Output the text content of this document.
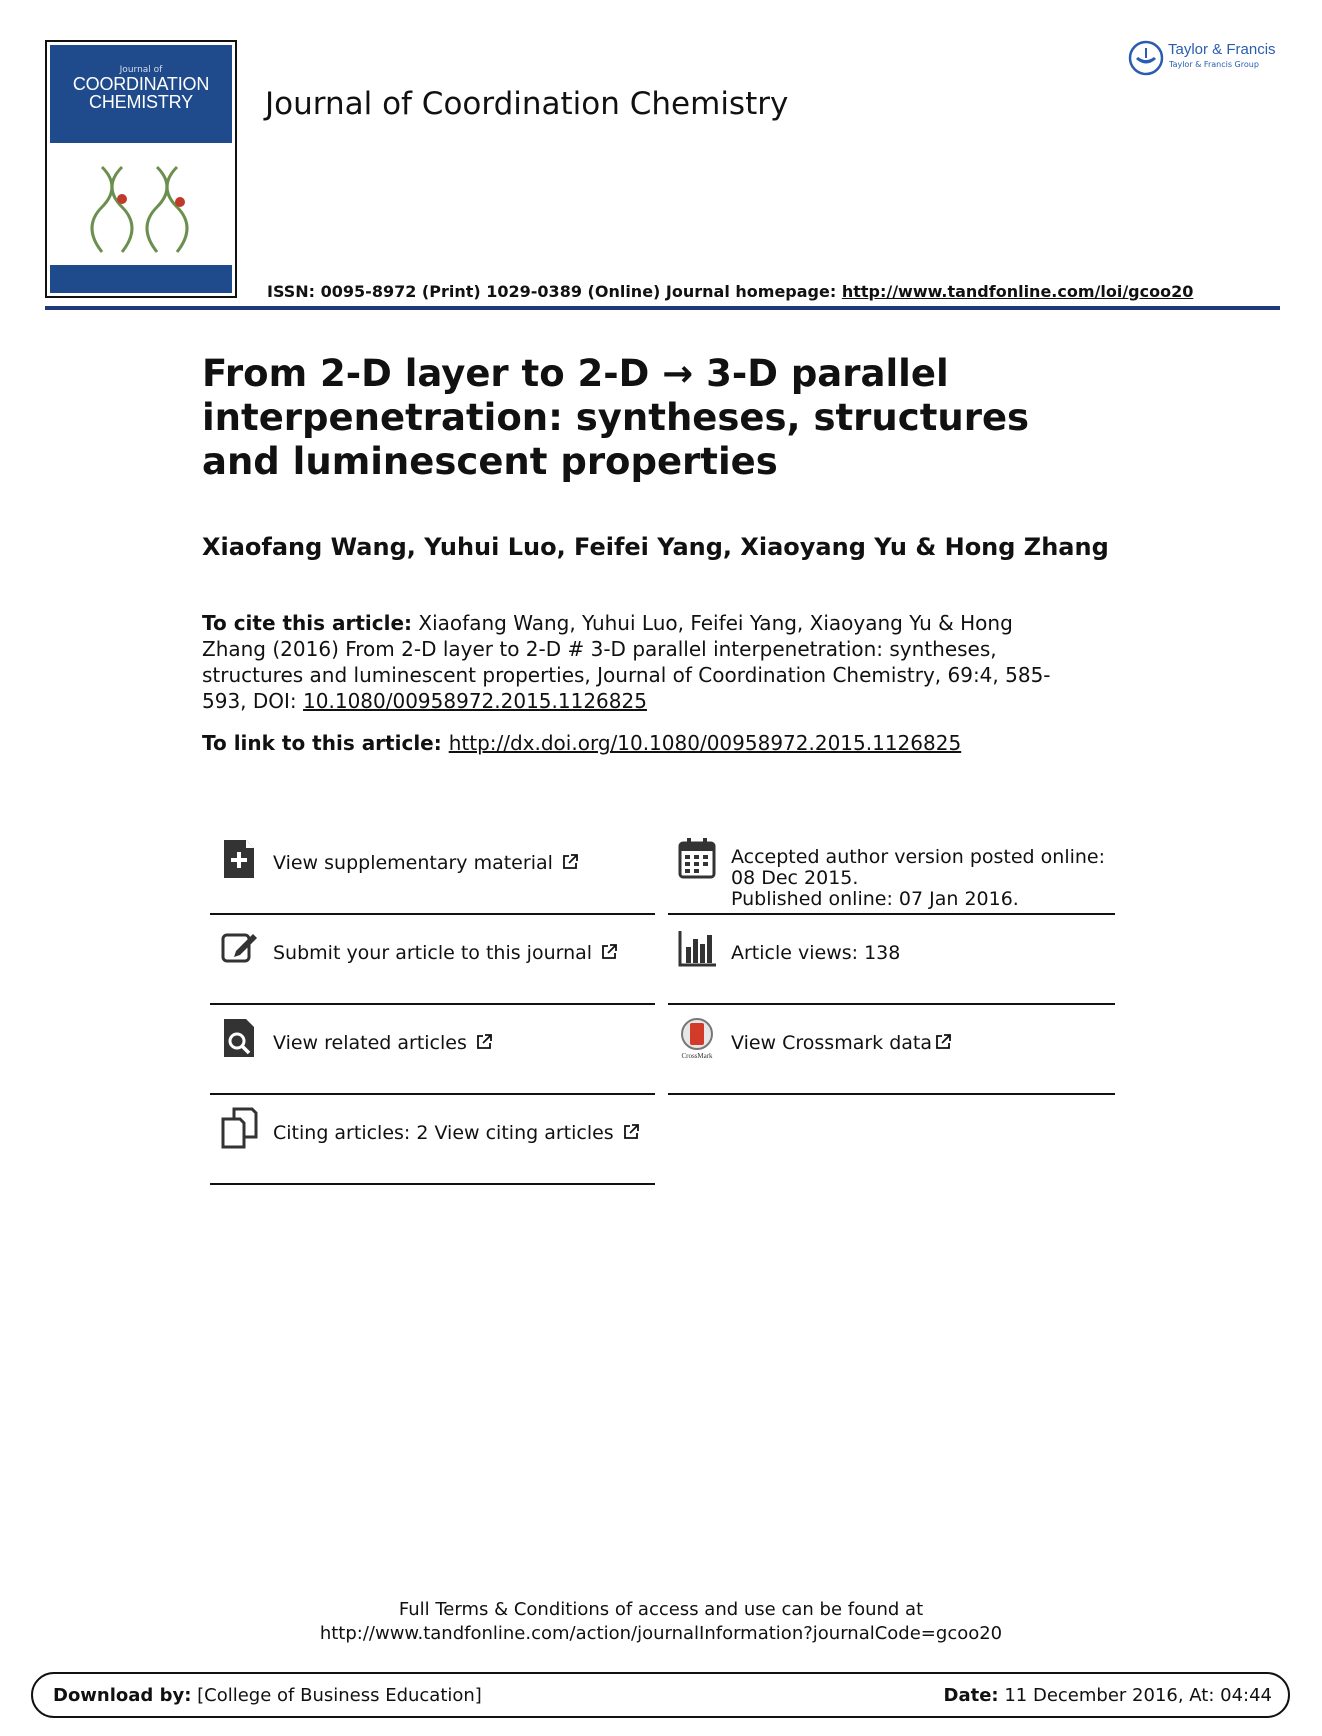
Journal of
COORDINATION
CHEMISTRY	Journal of Coordination Chemistry
Taylor & Francis
Taylor & Francis Group
ISSN: 0095-8972 (Print) 1029-0389 (Online) Journal homepage: http://www.tandfonline.com/loi/gcoo20
From 2-D layer to 2-D → 3-D parallel interpenetration: syntheses, structures and luminescent properties
Xiaofang Wang, Yuhui Luo, Feifei Yang, Xiaoyang Yu & Hong Zhang
To cite this article: Xiaofang Wang, Yuhui Luo, Feifei Yang, Xiaoyang Yu & Hong Zhang (2016) From 2-D layer to 2-D # 3-D parallel interpenetration: syntheses, structures and luminescent properties, Journal of Coordination Chemistry, 69:4, 585-593, DOI: 10.1080/00958972.2015.1126825
To link to this article: http://dx.doi.org/10.1080/00958972.2015.1126825
View supplementary material
Submit your article to this journal
View related articles
Citing articles: 2 View citing articles
Accepted author version posted online: 08 Dec 2015.
Published online: 07 Jan 2016.
Article views: 138
CrossMark
View Crossmark data
Full Terms & Conditions of access and use can be found at
http://www.tandfonline.com/action/journalInformation?journalCode=gcoo20
Download by: [College of Business Education]	Date: 11 December 2016, At: 04:44
